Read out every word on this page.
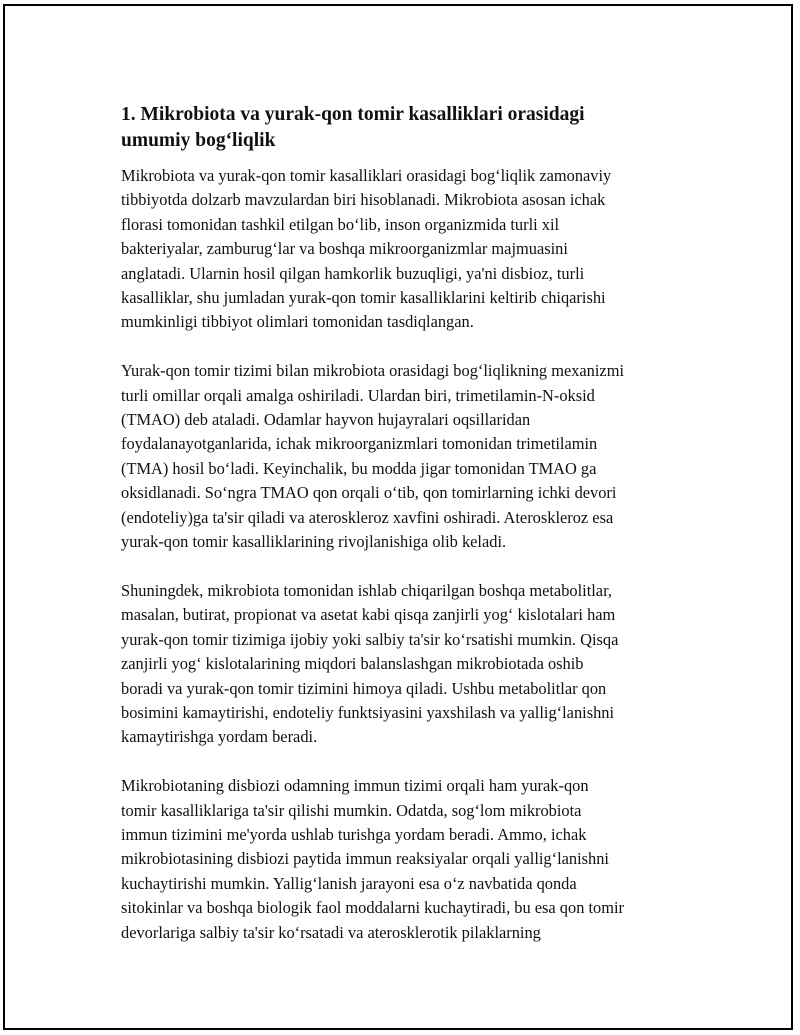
1. Mikrobiota va yurak-qon tomir kasalliklari orasidagi
umumiy bog‘liqlik

Mikrobiota va yurak-qon tomir kasalliklari orasidagi bog‘liqlik zamonaviy
tibbiyotda dolzarb mavzulardan biri hisoblanadi. Mikrobiota asosan ichak
florasi tomonidan tashkil etilgan bo‘lib, inson organizmida turli xil
bakteriyalar, zamburug‘lar va boshqa mikroorganizmlar majmuasini
anglatadi. Ularnin hosil qilgan hamkorlik buzuqligi, ya'ni disbioz, turli
kasalliklar, shu jumladan yurak-qon tomir kasalliklarini keltirib chiqarishi
mumkinligi tibbiyot olimlari tomonidan tasdiqlangan.

Yurak-qon tomir tizimi bilan mikrobiota orasidagi bog‘liqlikning mexanizmi
turli omillar orqali amalga oshiriladi. Ulardan biri, trimetilamin-N-oksid
(TMAO) deb ataladi. Odamlar hayvon hujayralari oqsillaridan
foydalanayotganlarida, ichak mikroorganizmlari tomonidan trimetilamin
(TMA) hosil bo‘ladi. Keyinchalik, bu modda jigar tomonidan TMAO ga
oksidlanadi. So‘ngra TMAO qon orqali o‘tib, qon tomirlarning ichki devori
(endoteliy)ga ta'sir qiladi va ateroskleroz xavfini oshiradi. Ateroskleroz esa
yurak-qon tomir kasalliklarining rivojlanishiga olib keladi.

Shuningdek, mikrobiota tomonidan ishlab chiqarilgan boshqa metabolitlar,
masalan, butirat, propionat va asetat kabi qisqa zanjirli yog‘ kislotalari ham
yurak-qon tomir tizimiga ijobiy yoki salbiy ta'sir ko‘rsatishi mumkin. Qisqa
zanjirli yog‘ kislotalarining miqdori balanslashgan mikrobiotada oshib
boradi va yurak-qon tomir tizimini himoya qiladi. Ushbu metabolitlar qon
bosimini kamaytirishi, endoteliy funktsiyasini yaxshilash va yallig‘lanishni
kamaytirishga yordam beradi.

Mikrobiotaning disbiozi odamning immun tizimi orqali ham yurak-qon
tomir kasalliklariga ta'sir qilishi mumkin. Odatda, sog‘lom mikrobiota
immun tizimini me'yorda ushlab turishga yordam beradi. Ammo, ichak
mikrobiotasining disbiozi paytida immun reaksiyalar orqali yallig‘lanishni
kuchaytirishi mumkin. Yallig‘lanish jarayoni esa o‘z navbatida qonda
sitokinlar va boshqa biologik faol moddalarni kuchaytiradi, bu esa qon tomir
devorlariga salbiy ta'sir ko‘rsatadi va aterosklerotik pilaklarning
